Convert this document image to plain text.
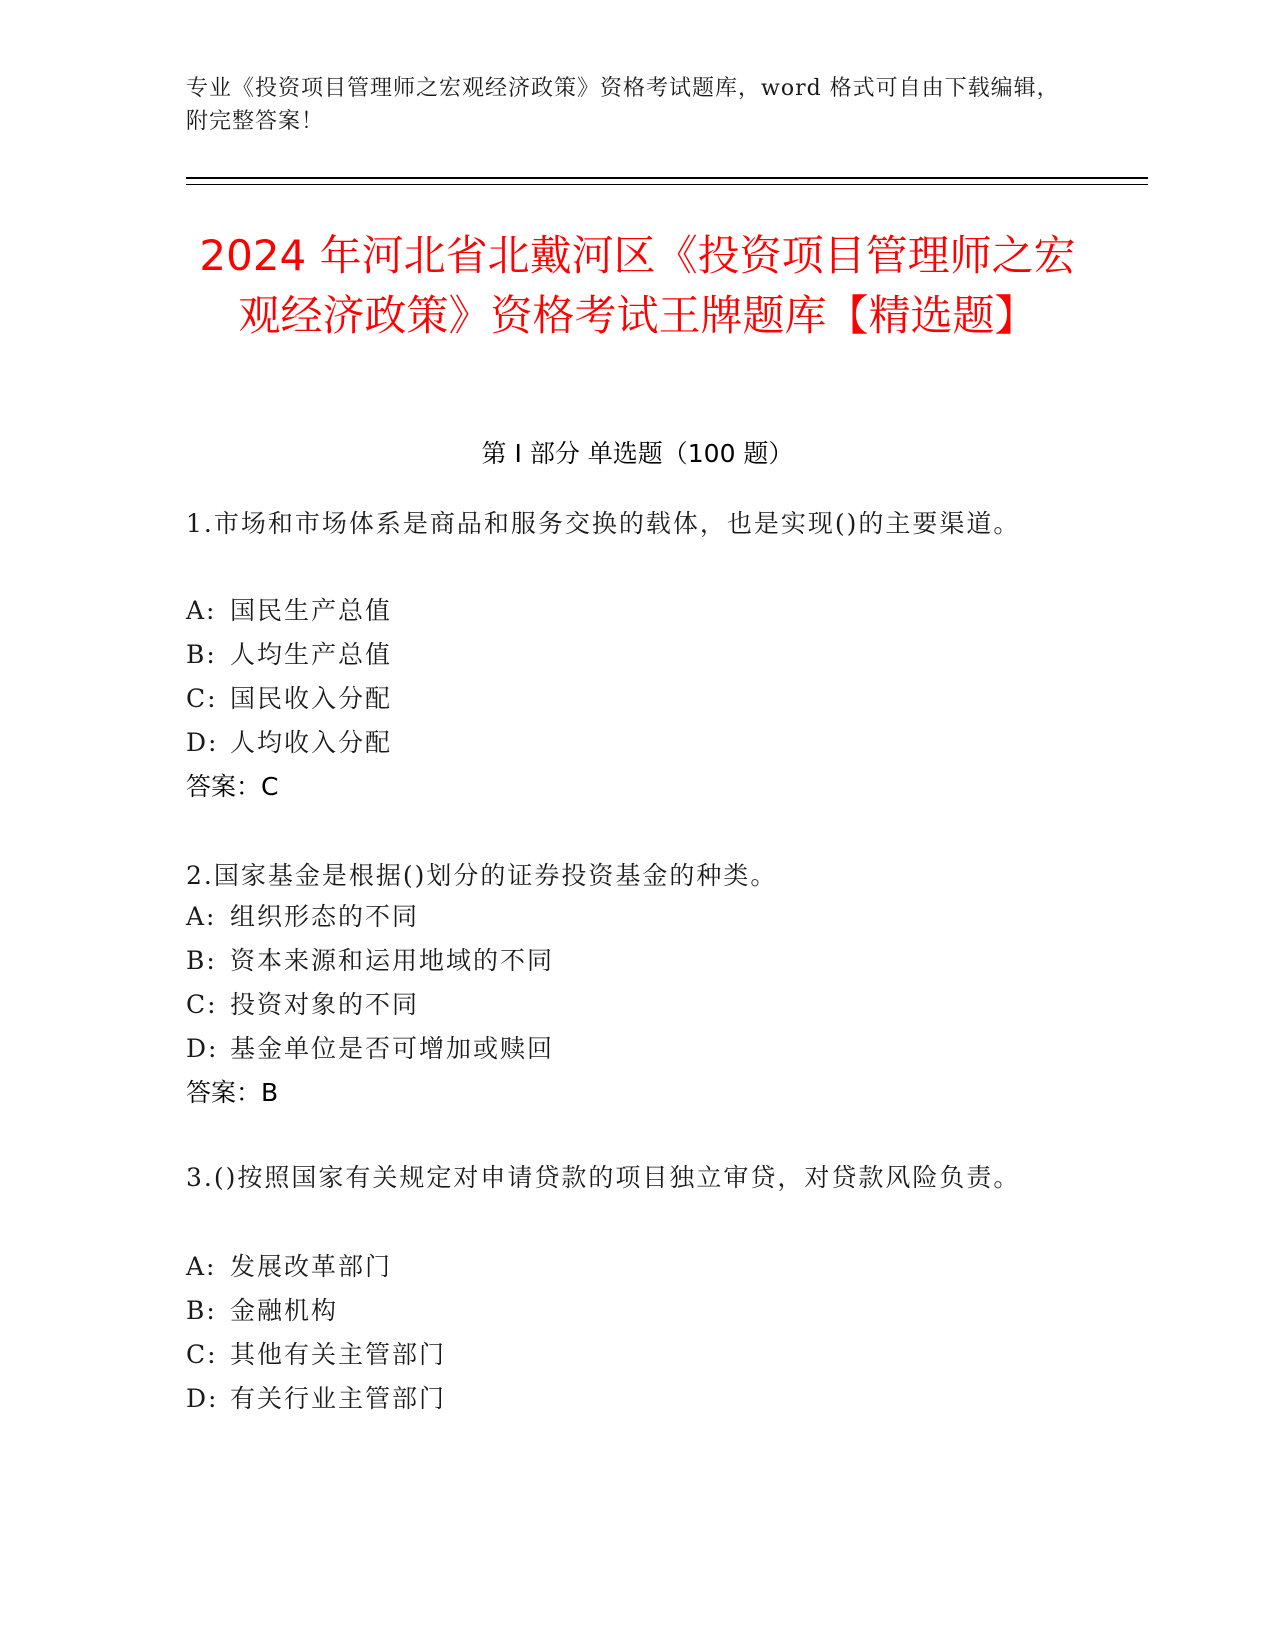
专业《投资项目管理师之宏观经济政策》资格考试题库，word 格式可自由下载编辑，附完整答案！
2024 年河北省北戴河区《投资项目管理师之宏观经济政策》资格考试王牌题库【精选题】
第 I 部分 单选题（100 题）
1.市场和市场体系是商品和服务交换的载体，也是实现()的主要渠道。
A: 国民生产总值
B: 人均生产总值
C: 国民收入分配
D: 人均收入分配
答案：C
2.国家基金是根据()划分的证券投资基金的种类。
A: 组织形态的不同
B: 资本来源和运用地域的不同
C: 投资对象的不同
D: 基金单位是否可增加或赎回
答案：B
3.()按照国家有关规定对申请贷款的项目独立审贷，对贷款风险负责。
A: 发展改革部门
B: 金融机构
C: 其他有关主管部门
D: 有关行业主管部门
